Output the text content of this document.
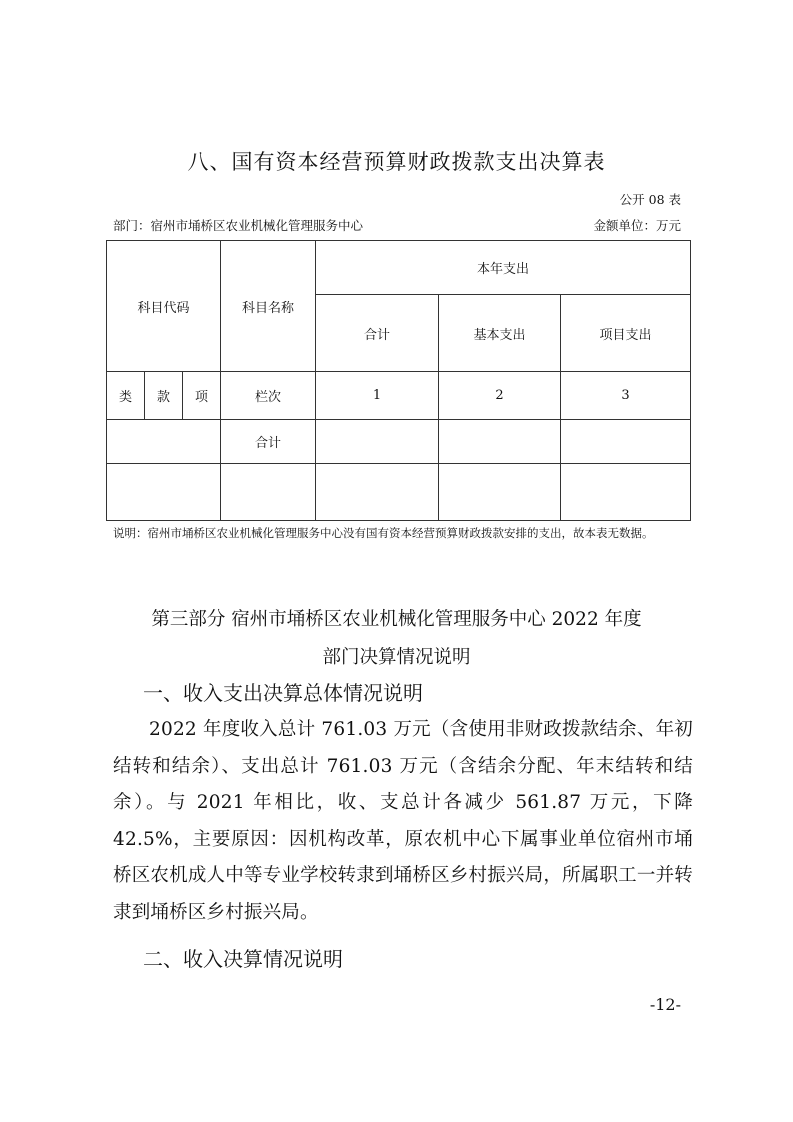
八、国有资本经营预算财政拨款支出决算表
公开 08 表
部门：宿州市埇桥区农业机械化管理服务中心	金额单位：万元
科目代码			科目名称	本年支出		
				合计	基本支出	项目支出
类	款	项	栏次	1	2	3
			合计			

说明：宿州市埇桥区农业机械化管理服务中心没有国有资本经营预算财政拨款安排的支出，故本表无数据。
第三部分 宿州市埇桥区农业机械化管理服务中心 2022 年度
部门决算情况说明
一、收入支出决算总体情况说明
2022 年度收入总计 761.03 万元（含使用非财政拨款结余、年初结转和结余）、支出总计 761.03 万元（含结余分配、年末结转和结余）。与 2021 年相比，收、支总计各减少 561.87 万元，下降 42.5%，主要原因：因机构改革，原农机中心下属事业单位宿州市埇桥区农机成人中等专业学校转隶到埇桥区乡村振兴局，所属职工一并转隶到埇桥区乡村振兴局。
二、收入决算情况说明
-12-
